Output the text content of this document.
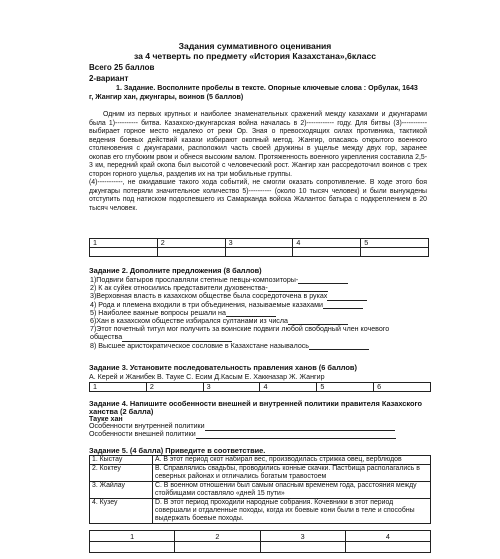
Задания суммативного оценивания
за 4 четверть по предмету «История Казахстана»,6класс
Всего 25 баллов
2-вариант
1. Задание. Восполните пробелы в тексте. Опорные ключевые слова : Орбулак, 1643
г, Жангир хан, джунгары, воинов (5 баллов)

Одним из первых крупных и наиболее знаменательных сражений между казахами и джунгарами была 1)---------- битва. Казахско-джунгарская война началась в 2)------------ году. Для битвы (3)----------- выбирает горное место недалеко от реки Ор. Зная о превосходящих силах противника, тактикой ведения боевых действий казахи избирают окопный метод. Жангир, опасаясь открытого военного столкновения с джунгарами, расположил часть своей дружины в ущелье между двух гор, заранее окопав его глубоким рвом и обнеся высоким валом. Протяженность военного укрепления составила 2,5-3 км, передний край окопа был высотой с человеческий рост. Жангир хан рассредоточил воинов с трех сторон горного ущелья, разделив их на три мобильные группы.

(4)-----------, не ожидавшие такого хода событий, не смогли оказать сопротивление. В ходе этого боя джунгары потеряли значительное количество 5)---------- (около 10 тысяч человек) и были вынуждены отступить под натиском подоспевшего из Самарканда войска Жалантос батыра с подкреплением в 20 тысяч человек.

1	2	3	4	5

Задание 2. Дополните предложения (8 баллов)
1)Подвиги батыров прославляли степные певцы-композиторы-
2) К ак суйек относились представители духовенства-
3)Верховная власть в казахском обществе была сосредоточена в руках
4) Рода и племена входили в три объединения, называемые казахами
5) Наиболее важные вопросы решали на
6)Хан в казахском обществе избирался султанами из числа
7)Этот почетный титул мог получить за воинские подвиги любой свободный член кочевого
общества
8) Высшее аристократическое сословие в Казахстане называлось
Задание 3. Установите последовательность правления ханов (6 баллов)
А. Керей и Жанибек В. Тауке С. Есим Д.Касым Е. Хаккназар Ж. Жангир
1	2	3	4	5	6
Задание 4. Напишите особенности внешней и внутренней политики правителя Казахского
ханства (2 балла)
Тауке хан
Особенности внутренней политики
Особенности внешней политики
Задание 5. (4 балла) Приведите в соответствие.
1. Кыстау	А. В этот период скот набирал вес, производилась стрижка овец, верблюдов
2. Коктеу	В. Справлялись свадьбы, проводились конные скачки. Пастбища располагались в северных районах и отличались богатым травостоем
3. Жайлау	С. В военном отношении был самым опасным временем года, расстояния между стойбищами составляло «дней 15 пути»
4. Кузеу	D. В этот период проходили народные собрания. Кочевники в этот период совершали и отдаленные походы, когда их боевые кони были в теле и способны выдержать боевые походы.
1	2	3	4
